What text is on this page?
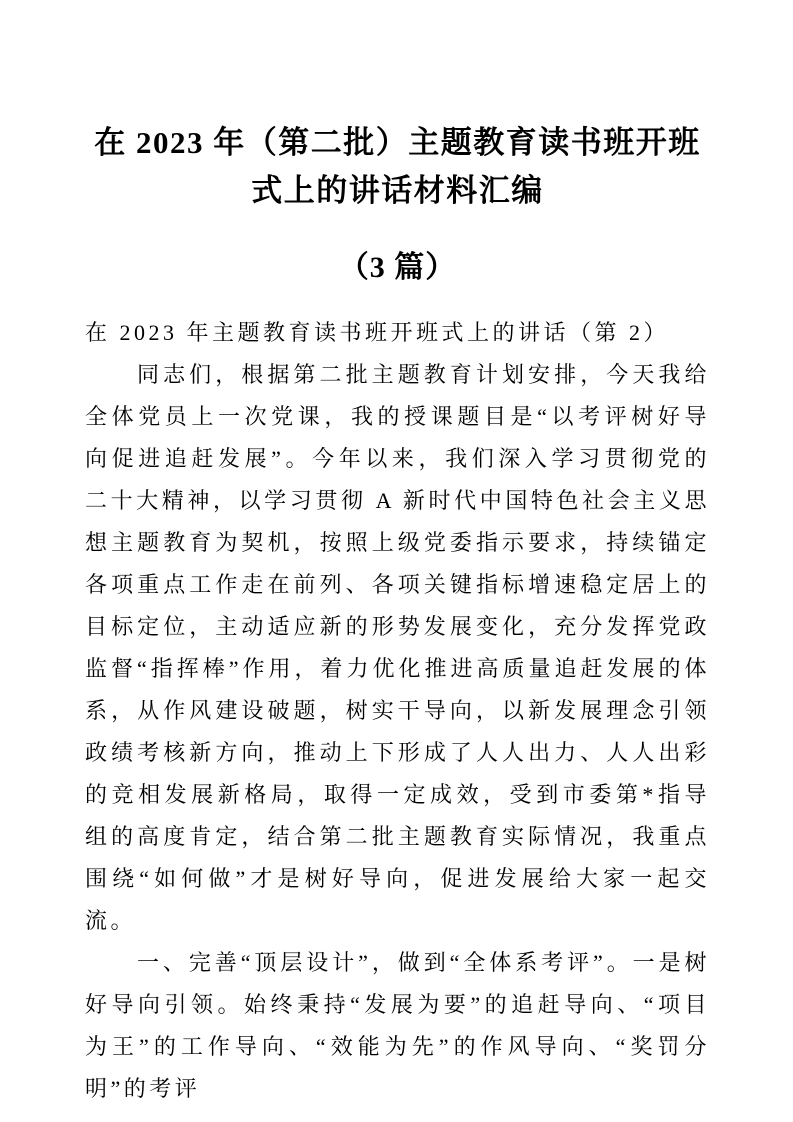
在 2023 年（第二批）主题教育读书班开班式上的讲话材料汇编
（3 篇）

在 2023 年主题教育读书班开班式上的讲话（第 2）

同志们，根据第二批主题教育计划安排，今天我给全体党员上一次党课，我的授课题目是“以考评树好导向促进追赶发展”。今年以来，我们深入学习贯彻党的二十大精神，以学习贯彻 A 新时代中国特色社会主义思想主题教育为契机，按照上级党委指示要求，持续锚定各项重点工作走在前列、各项关键指标增速稳定居上的目标定位，主动适应新的形势发展变化，充分发挥党政监督“指挥棒”作用，着力优化推进高质量追赶发展的体系，从作风建设破题，树实干导向，以新发展理念引领政绩考核新方向，推动上下形成了人人出力、人人出彩的竞相发展新格局，取得一定成效，受到市委第*指导组的高度肯定，结合第二批主题教育实际情况，我重点围绕“如何做”才是树好导向，促进发展给大家一起交流。

一、完善“顶层设计”，做到“全体系考评”。一是树好导向引领。始终秉持“发展为要”的追赶导向、“项目为王”的工作导向、“效能为先”的作风导向、“奖罚分明”的考评
